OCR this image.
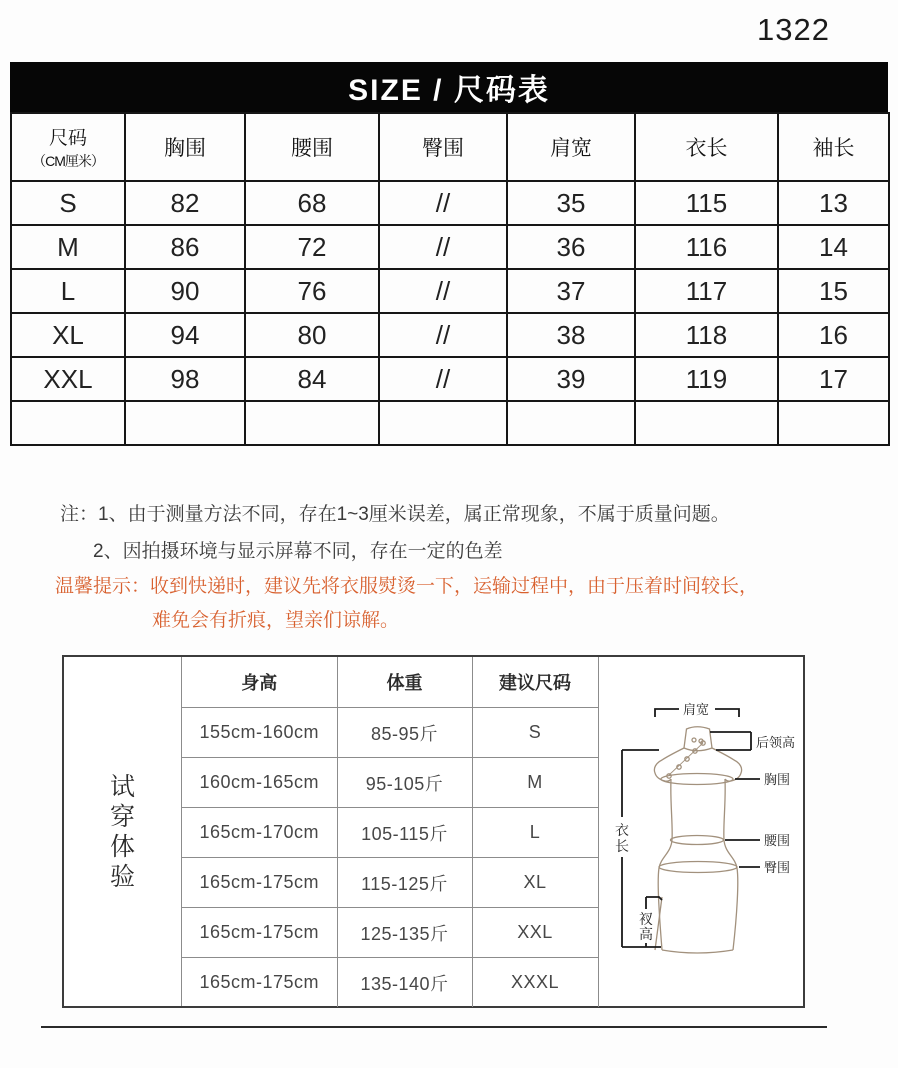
1322
SIZE / 尺码表
尺码
（CM厘米）	胸围	腰围	臀围	肩宽	衣长	袖长
S	82	68	//	35	115	13
M	86	72	//	36	116	14
L	90	76	//	37	117	15
XL	94	80	//	38	118	16
XXL	98	84	//	39	119	17

注：1、由于测量方法不同，存在1~3厘米误差，属正常现象，不属于质量问题。
2、因拍摄环境与显示屏幕不同，存在一定的色差
温馨提示：收到快递时，建议先将衣服熨烫一下，运输过程中，由于压着时间较长，
难免会有折痕，望亲们谅解。
试
穿
体
验
身高	体重	建议尺码
155cm-160cm	85-95斤	S
160cm-165cm	95-105斤	M
165cm-170cm	105-115斤	L
165cm-175cm	115-125斤	XL
165cm-175cm	125-135斤	XXL
165cm-175cm	135-140斤	XXXL
肩宽
后领高
胸围
腰围
臀围
衣
长
衩
高
